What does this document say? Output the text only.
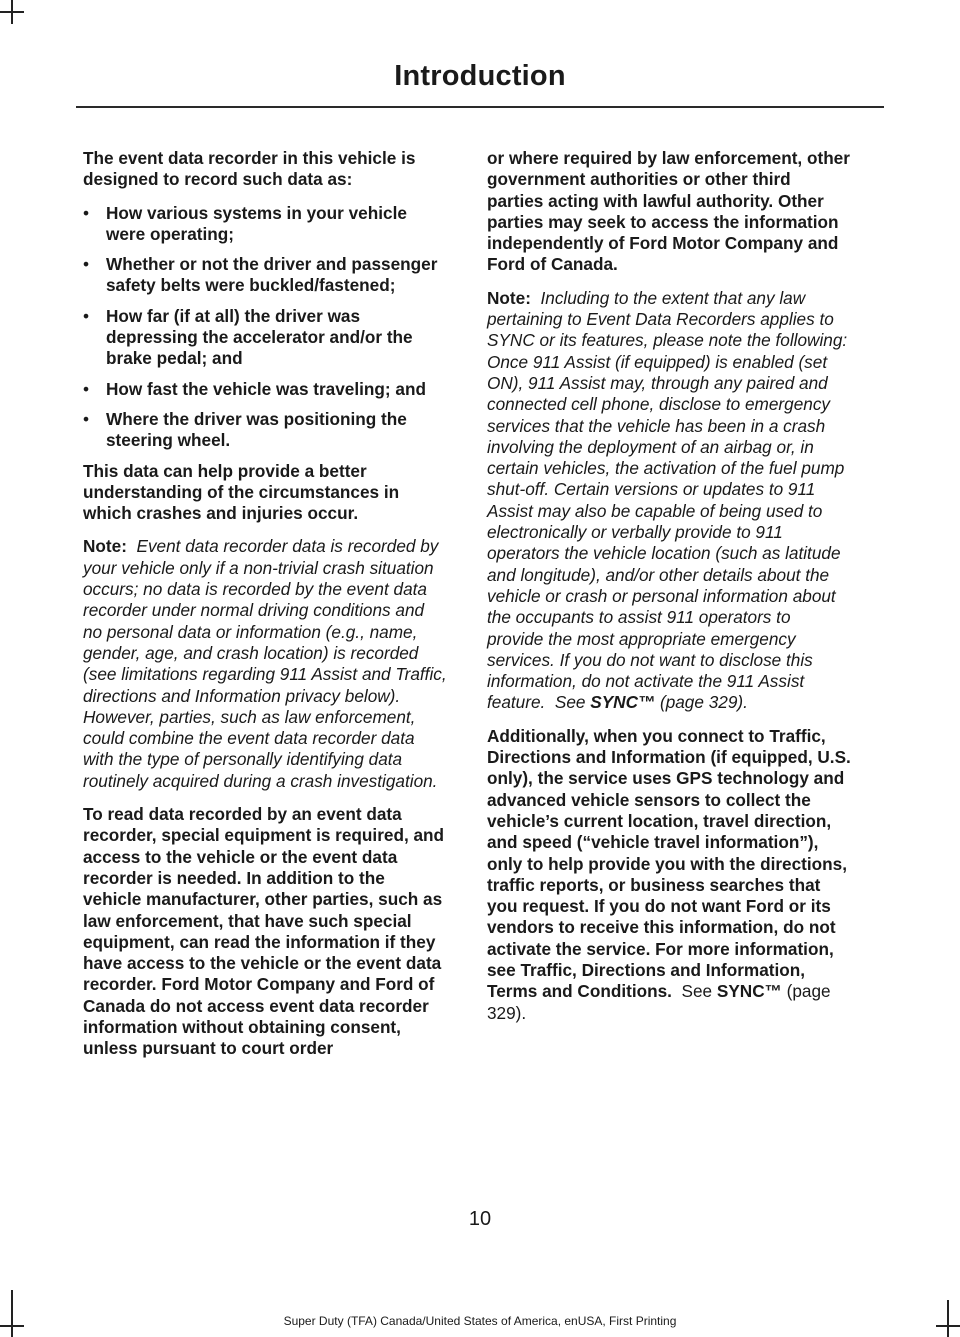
Introduction

The event data recorder in this vehicle is designed to record such data as:

• How various systems in your vehicle were operating;
• Whether or not the driver and passenger safety belts were buckled/fastened;
• How far (if at all) the driver was depressing the accelerator and/or the brake pedal; and
• How fast the vehicle was traveling; and
• Where the driver was positioning the steering wheel.

This data can help provide a better understanding of the circumstances in which crashes and injuries occur.

Note: Event data recorder data is recorded by your vehicle only if a non-trivial crash situation occurs; no data is recorded by the event data recorder under normal driving conditions and no personal data or information (e.g., name, gender, age, and crash location) is recorded (see limitations regarding 911 Assist and Traffic, directions and Information privacy below). However, parties, such as law enforcement, could combine the event data recorder data with the type of personally identifying data routinely acquired during a crash investigation.

To read data recorded by an event data recorder, special equipment is required, and access to the vehicle or the event data recorder is needed. In addition to the vehicle manufacturer, other parties, such as law enforcement, that have such special equipment, can read the information if they have access to the vehicle or the event data recorder. Ford Motor Company and Ford of Canada do not access event data recorder information without obtaining consent, unless pursuant to court order

or where required by law enforcement, other government authorities or other third parties acting with lawful authority. Other parties may seek to access the information independently of Ford Motor Company and Ford of Canada.

Note: Including to the extent that any law pertaining to Event Data Recorders applies to SYNC or its features, please note the following: Once 911 Assist (if equipped) is enabled (set ON), 911 Assist may, through any paired and connected cell phone, disclose to emergency services that the vehicle has been in a crash involving the deployment of an airbag or, in certain vehicles, the activation of the fuel pump shut-off. Certain versions or updates to 911 Assist may also be capable of being used to electronically or verbally provide to 911 operators the vehicle location (such as latitude and longitude), and/or other details about the vehicle or crash or personal information about the occupants to assist 911 operators to provide the most appropriate emergency services. If you do not want to disclose this information, do not activate the 911 Assist feature. See SYNC™ (page 329).

Additionally, when you connect to Traffic, Directions and Information (if equipped, U.S. only), the service uses GPS technology and advanced vehicle sensors to collect the vehicle’s current location, travel direction, and speed (“vehicle travel information”), only to help provide you with the directions, traffic reports, or business searches that you request. If you do not want Ford or its vendors to receive this information, do not activate the service. For more information, see Traffic, Directions and Information, Terms and Conditions. See SYNC™ (page 329).

10
Super Duty (TFA) Canada/United States of America, enUSA, First Printing
